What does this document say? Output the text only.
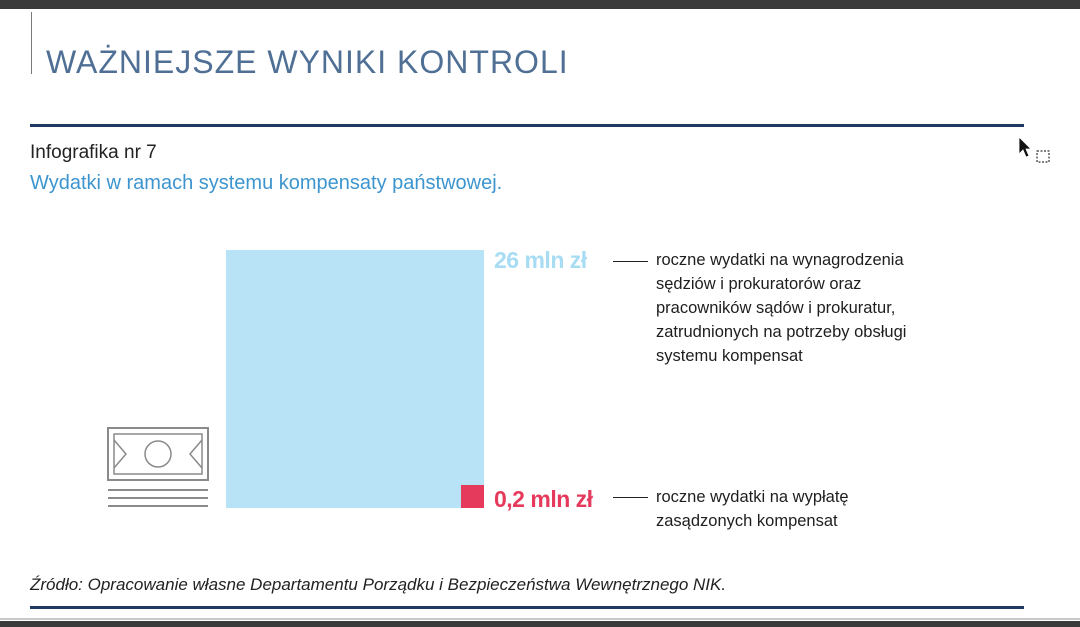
WAŻNIEJSZE WYNIKI KONTROLI
Infografika nr 7
Wydatki w ramach systemu kompensaty państwowej.
26 mln zł	roczne wydatki na wynagrodzenia
sędziów i prokuratorów oraz
pracowników sądów i prokuratur,
zatrudnionych na potrzeby obsługi
systemu kompensat
0,2 mln zł	roczne wydatki na wypłatę
zasądzonych kompensat
Źródło: Opracowanie własne Departamentu Porządku i Bezpieczeństwa Wewnętrznego NIK.
